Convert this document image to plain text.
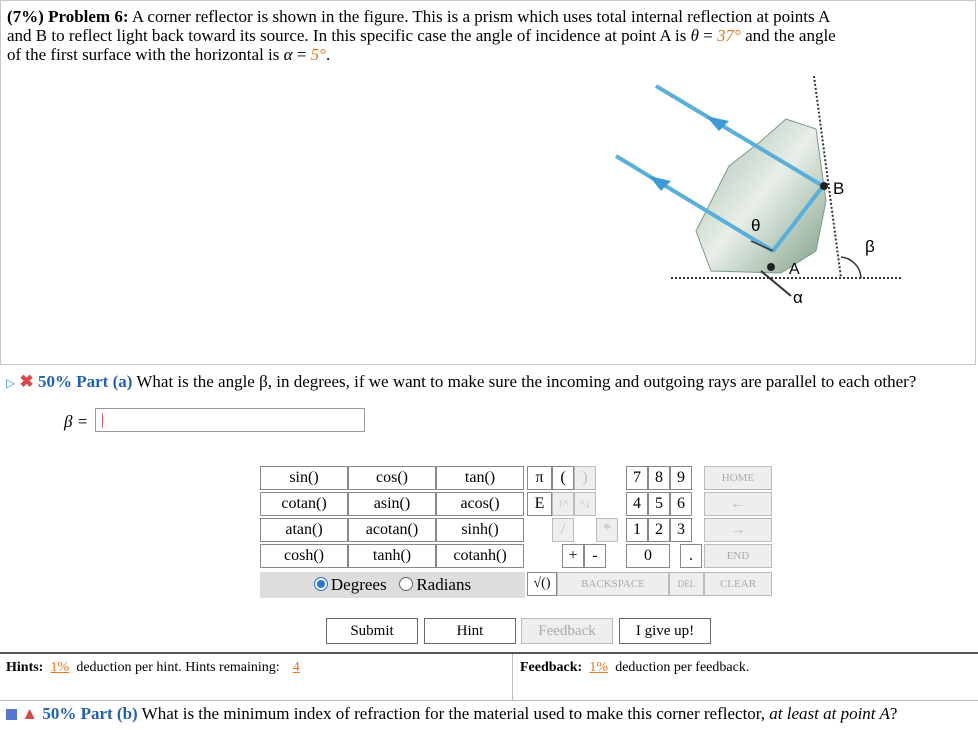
(7%) Problem 6: A corner reflector is shown in the figure. This is a prism which uses total internal reflection at points A
and B to reflect light back toward its source. In this specific case the angle of incidence at point A is θ = 37° and the angle
of the first surface with the horizontal is α = 5°.
B
A
θ
β
α
▷ ✖ 50% Part (a) What is the angle β, in degrees, if we want to make sure the incoming and outgoing rays are parallel to each other?
β =
sin()	cos()	tan()
cotan()	asin()	acos()
atan()	acotan()	sinh()
cosh()	tanh()	cotanh()
Degrees Radians
π	(	)	7 8 9	HOME
E	↑^	^↓	4 5 6	←
/	*	1 2 3	→
+ -	0	.	END
√()	BACKSPACE	DEL	CLEAR
Submit	Hint	Feedback	I give up!
Hints: 1% deduction per hint. Hints remaining: 4	Feedback: 1% deduction per feedback.
▲ 50% Part (b) What is the minimum index of refraction for the material used to make this corner reflector, at least at point A?
